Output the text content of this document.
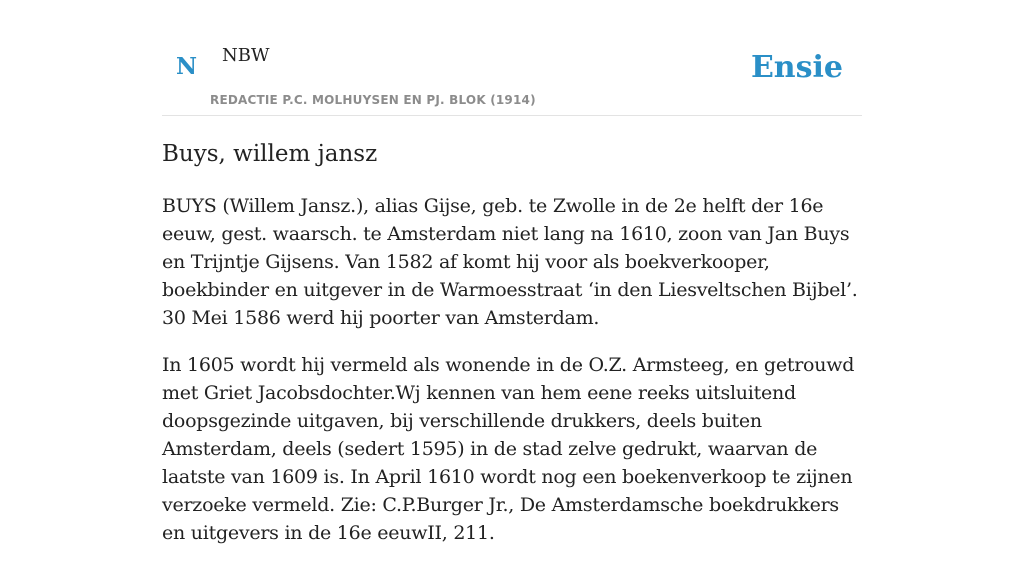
N NBW
REDACTIE P.C. MOLHUYSEN EN PJ. BLOK (1914)
Ensie
Buys, willem jansz

BUYS (Willem Jansz.), alias Gijse, geb. te Zwolle in de 2e helft der 16e eeuw, gest. waarsch. te Amsterdam niet lang na 1610, zoon van Jan Buys en Trijntje Gijsens. Van 1582 af komt hij voor als boekverkooper, boekbinder en uitgever in de Warmoesstraat ‘in den Liesveltschen Bijbel’. 30 Mei 1586 werd hij poorter van Amsterdam.

In 1605 wordt hij vermeld als wonende in de O.Z. Armsteeg, en getrouwd met Griet Jacobsdochter.Wj kennen van hem eene reeks uitsluitend doopsgezinde uitgaven, bij verschillende drukkers, deels buiten Amsterdam, deels (sedert 1595) in de stad zelve gedrukt, waarvan de laatste van 1609 is. In April 1610 wordt nog een boekenverkoop te zijnen verzoeke vermeld. Zie: C.P.Burger Jr., De Amsterdamsche boekdrukkers en uitgevers in de 16e eeuwII, 211.
